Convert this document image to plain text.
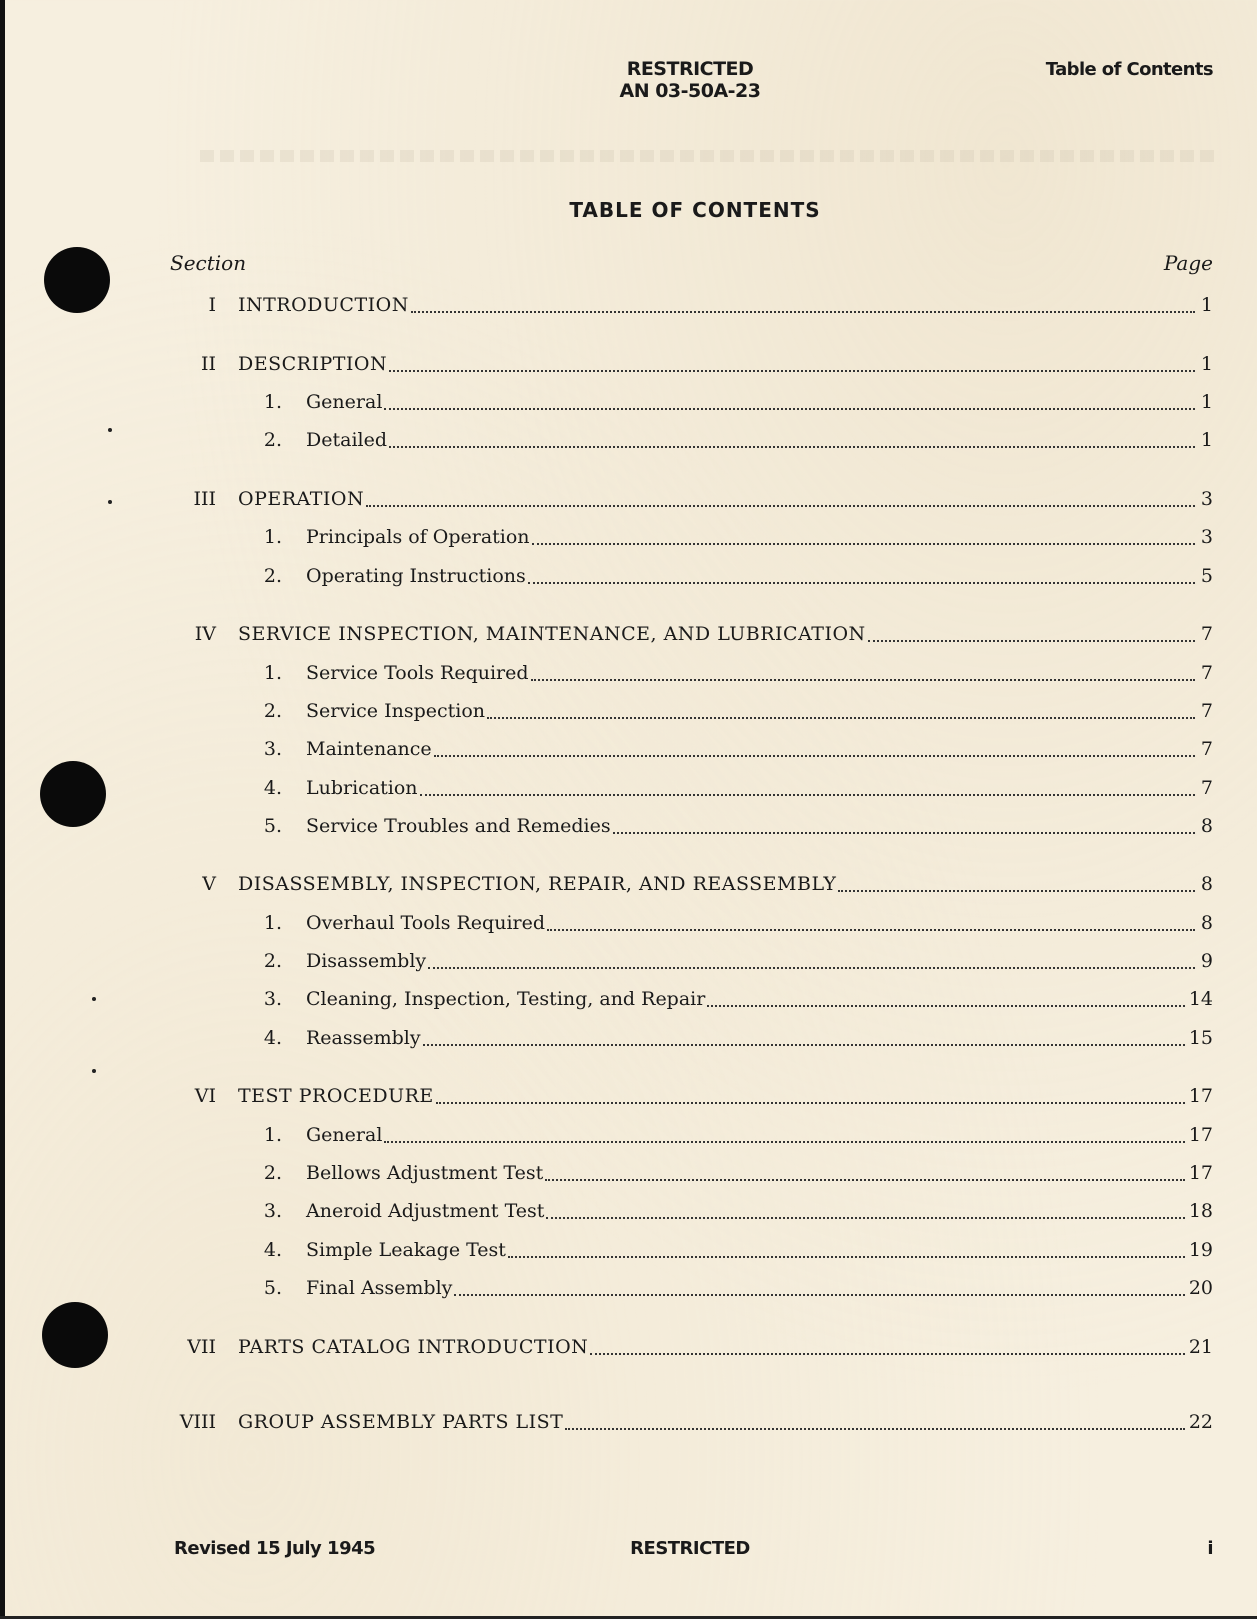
RESTRICTED
AN 03-50A-23
Table of Contents
TABLE OF CONTENTS
Section	Page
I	INTRODUCTION	1
II	DESCRIPTION	1
1.	General	1
2.	Detailed	1
III	OPERATION	3
1.	Principals of Operation	3
2.	Operating Instructions	5
IV	SERVICE INSPECTION, MAINTENANCE, AND LUBRICATION	7
1.	Service Tools Required	7
2.	Service Inspection	7
3.	Maintenance	7
4.	Lubrication	7
5.	Service Troubles and Remedies	8
V	DISASSEMBLY, INSPECTION, REPAIR, AND REASSEMBLY	8
1.	Overhaul Tools Required	8
2.	Disassembly	9
3.	Cleaning, Inspection, Testing, and Repair	14
4.	Reassembly	15
VI	TEST PROCEDURE	17
1.	General	17
2.	Bellows Adjustment Test	17
3.	Aneroid Adjustment Test	18
4.	Simple Leakage Test	19
5.	Final Assembly	20
VII	PARTS CATALOG INTRODUCTION	21
VIII	GROUP ASSEMBLY PARTS LIST	22
Revised 15 July 1945	RESTRICTED	i
